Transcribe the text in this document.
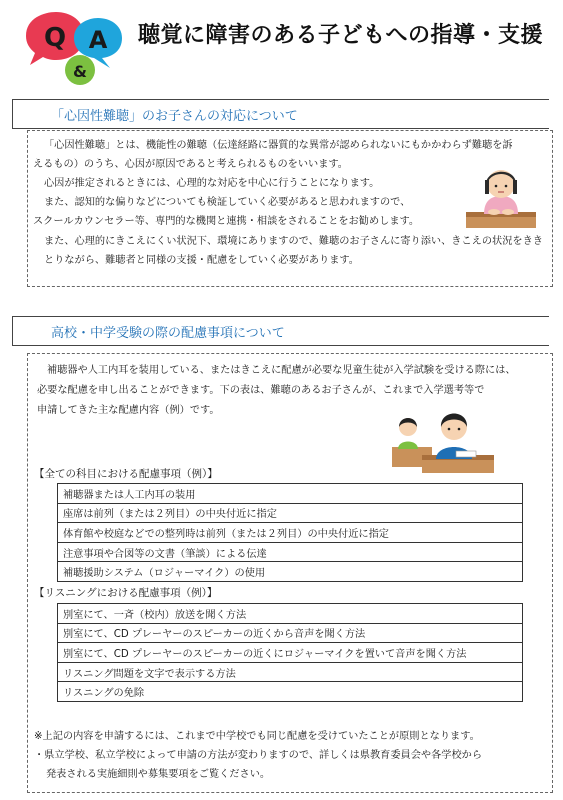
Q A
&
聴覚に障害のある子どもへの指導・支援
「心因性難聴」のお子さんの対応について
「心因性難聴」とは、機能性の難聴（伝達経路に器質的な異常が認められないにもかかわらず難聴を訴
えるもの）のうち、心因が原因であると考えられるものをいいます。
心因が推定されるときには、心理的な対応を中心に行うことになります。
また、認知的な偏りなどについても検証していく必要があると思われますので、
スクールカウンセラー等、専門的な機関と連携・相談をされることをお勧めします。
また、心理的にきこえにくい状況下、環境にありますので、難聴のお子さんに寄り添い、きこえの状況をきき
とりながら、難聴者と同様の支援・配慮をしていく必要があります。
高校・中学受験の際の配慮事項について
補聴器や人工内耳を装用している、またはきこえに配慮が必要な児童生徒が入学試験を受ける際には、
必要な配慮を申し出ることができます。下の表は、難聴のあるお子さんが、これまで入学選考等で
申請してきた主な配慮内容（例）です。
【全ての科目における配慮事項（例）】
補聴器または人工内耳の装用
座席は前列（または２列目）の中央付近に指定
体育館や校庭などでの整列時は前列（または２列目）の中央付近に指定
注意事項や合図等の文書（筆談）による伝達
補聴援助システム（ロジャーマイク）の使用
【リスニングにおける配慮事項（例）】
別室にて、一斉（校内）放送を聞く方法
別室にて、CD プレーヤーのスピーカーの近くから音声を聞く方法
別室にて、CD プレーヤーのスピーカーの近くにロジャーマイクを置いて音声を聞く方法
リスニング問題を文字で表示する方法
リスニングの免除
※上記の内容を申請するには、これまで中学校でも同じ配慮を受けていたことが原則となります。
・県立学校、私立学校によって申請の方法が変わりますので、詳しくは県教育委員会や各学校から
発表される実施細則や募集要項をご覧ください。
